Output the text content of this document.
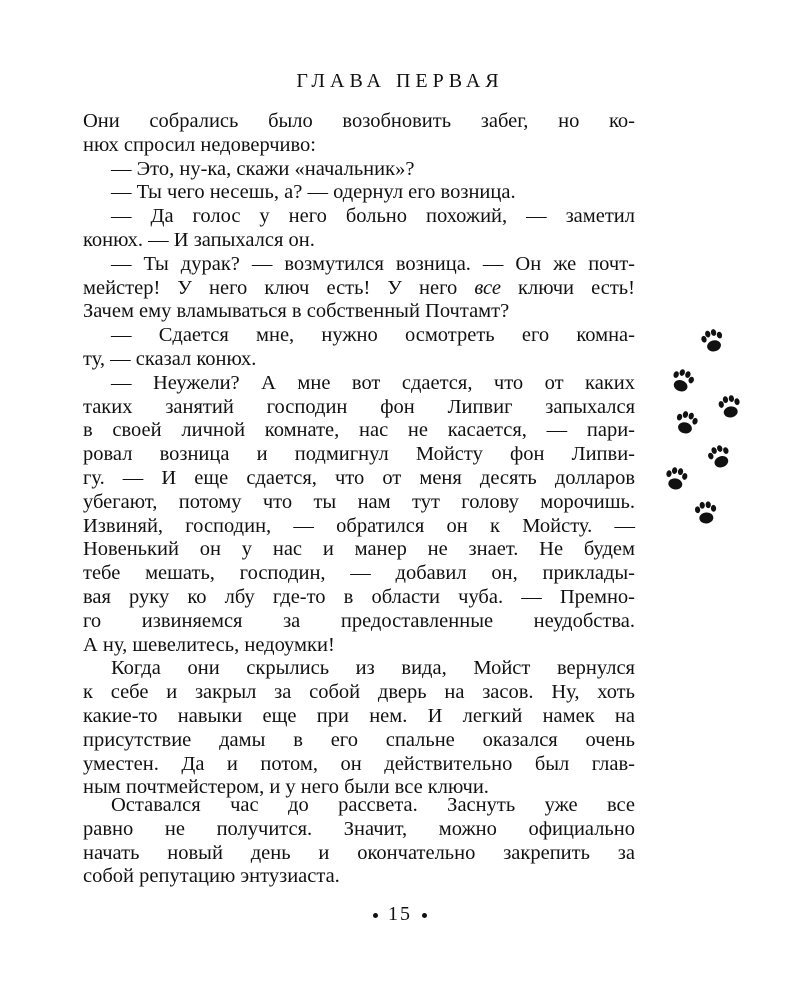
ГЛАВА ПЕРВАЯ
Они собрались было возобновить забег, но ко-
нюх спросил недоверчиво:
— Это, ну-ка, скажи «начальник»?
— Ты чего несешь, а? — одернул его возница.
— Да голос у него больно похожий, — заметил
конюх. — И запыхался он.
— Ты дурак? — возмутился возница. — Он же почт-
мейстер! У него ключ есть! У него все ключи есть!
Зачем ему вламываться в собственный Почтамт?
— Сдается мне, нужно осмотреть его комна-
ту, — сказал конюх.
— Неужели? А мне вот сдается, что от каких
таких занятий господин фон Липвиг запыхался
в своей личной комнате, нас не касается, — пари-
ровал возница и подмигнул Мойсту фон Липви-
гу. — И еще сдается, что от меня десять долларов
убегают, потому что ты нам тут голову морочишь.
Извиняй, господин, — обратился он к Мойсту. —
Новенький он у нас и манер не знает. Не будем
тебе мешать, господин, — добавил он, приклады-
вая руку ко лбу где-то в области чуба. — Премно-
го извиняемся за предоставленные неудобства.
А ну, шевелитесь, недоумки!
Когда они скрылись из вида, Мойст вернулся
к себе и закрыл за собой дверь на засов. Ну, хоть
какие-то навыки еще при нем. И легкий намек на
присутствие дамы в его спальне оказался очень
уместен. Да и потом, он действительно был глав-
ным почтмейстером, и у него были все ключи.
Оставался час до рассвета. Заснуть уже все
равно не получится. Значит, можно официально
начать новый день и окончательно закрепить за
собой репутацию энтузиаста.
15
